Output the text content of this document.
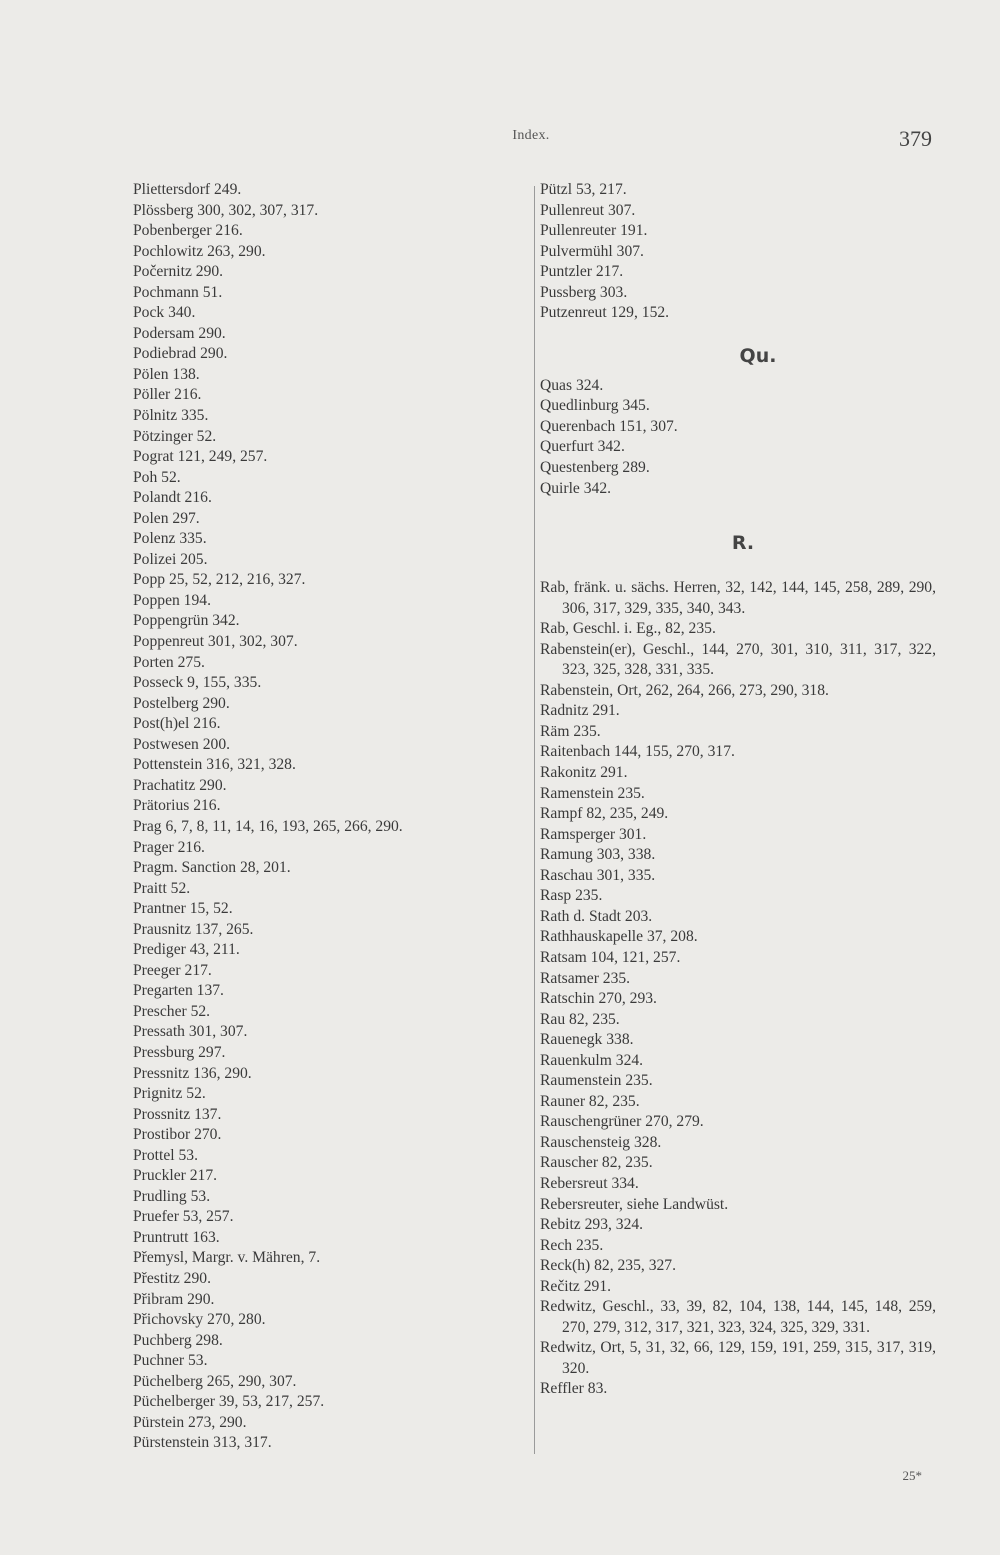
Index.	379
Pliettersdorf 249.
Plössberg 300, 302, 307, 317.
Pobenberger 216.
Pochlowitz 263, 290.
Počernitz 290.
Pochmann 51.
Pock 340.
Podersam 290.
Podiebrad 290.
Pölen 138.
Pöller 216.
Pölnitz 335.
Pötzinger 52.
Pograt 121, 249, 257.
Poh 52.
Polandt 216.
Polen 297.
Polenz 335.
Polizei 205.
Popp 25, 52, 212, 216, 327.
Poppen 194.
Poppengrün 342.
Poppenreut 301, 302, 307.
Porten 275.
Posseck 9, 155, 335.
Postelberg 290.
Post(h)el 216.
Postwesen 200.
Pottenstein 316, 321, 328.
Prachatitz 290.
Prätorius 216.
Prag 6, 7, 8, 11, 14, 16, 193, 265, 266, 290.
Prager 216.
Pragm. Sanction 28, 201.
Praitt 52.
Prantner 15, 52.
Prausnitz 137, 265.
Prediger 43, 211.
Preeger 217.
Pregarten 137.
Prescher 52.
Pressath 301, 307.
Pressburg 297.
Pressnitz 136, 290.
Prignitz 52.
Prossnitz 137.
Prostibor 270.
Prottel 53.
Pruckler 217.
Prudling 53.
Pruefer 53, 257.
Pruntrutt 163.
Přemysl, Margr. v. Mähren, 7.
Přestitz 290.
Přibram 290.
Přichovsky 270, 280.
Puchberg 298.
Puchner 53.
Püchelberg 265, 290, 307.
Püchelberger 39, 53, 217, 257.
Pürstein 273, 290.
Pürstenstein 313, 317.
Pützl 53, 217.
Pullenreut 307.
Pullenreuter 191.
Pulvermühl 307.
Puntzler 217.
Pussberg 303.
Putzenreut 129, 152.
Qu.
Quas 324.
Quedlinburg 345.
Querenbach 151, 307.
Querfurt 342.
Questenberg 289.
Quirle 342.
R.
Rab, fränk. u. sächs. Herren, 32, 142, 144, 145, 258, 289, 290, 306, 317, 329, 335, 340, 343.
Rab, Geschl. i. Eg., 82, 235.
Rabenstein(er), Geschl., 144, 270, 301, 310, 311, 317, 322, 323, 325, 328, 331, 335.
Rabenstein, Ort, 262, 264, 266, 273, 290, 318.
Radnitz 291.
Räm 235.
Raitenbach 144, 155, 270, 317.
Rakonitz 291.
Ramenstein 235.
Rampf 82, 235, 249.
Ramsperger 301.
Ramung 303, 338.
Raschau 301, 335.
Rasp 235.
Rath d. Stadt 203.
Rathhauskapelle 37, 208.
Ratsam 104, 121, 257.
Ratsamer 235.
Ratschin 270, 293.
Rau 82, 235.
Rauenegk 338.
Rauenkulm 324.
Raumenstein 235.
Rauner 82, 235.
Rauschengrüner 270, 279.
Rauschensteig 328.
Rauscher 82, 235.
Rebersreut 334.
Rebersreuter, siehe Landwüst.
Rebitz 293, 324.
Rech 235.
Reck(h) 82, 235, 327.
Rečitz 291.
Redwitz, Geschl., 33, 39, 82, 104, 138, 144, 145, 148, 259, 270, 279, 312, 317, 321, 323, 324, 325, 329, 331.
Redwitz, Ort, 5, 31, 32, 66, 129, 159, 191, 259, 315, 317, 319, 320.
Reffler 83.
25*
